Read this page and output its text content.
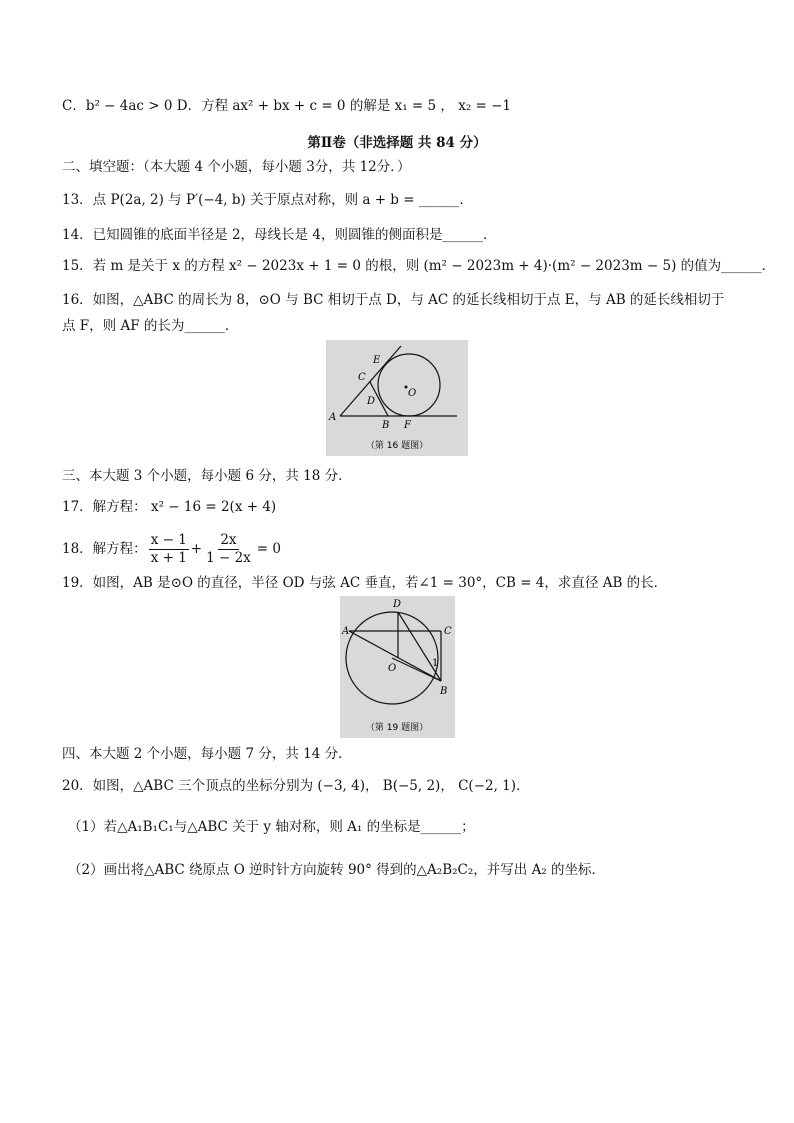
C．b² − 4ac > 0 D．方程 ax² + bx + c = 0 的解是 x₁ = 5 ， x₂ = −1
第Ⅱ卷（非选择题 共 84 分）
二、填空题：（本大题 4 个小题，每小题 3分，共 12分．）
13．点 P(2a, 2) 与 P′(−4, b) 关于原点对称，则 a + b = ______．
14．已知圆锥的底面半径是 2，母线长是 4，则圆锥的侧面积是______．
15．若 m 是关于 x 的方程 x² − 2023x + 1 = 0 的根，则 (m² − 2023m + 4)·(m² − 2023m − 5) 的值为______．
16．如图，△ABC 的周长为 8，⊙O 与 BC 相切于点 D，与 AC 的延长线相切于点 E，与 AB 的延长线相切于
点 F，则 AF 的长为______．
A
B
C
D
E
F
O
（第 16 题图）
三、本大题 3 个小题，每小题 6 分，共 18 分．
17．解方程： x² − 16 = 2(x + 4)
18．解方程： $\frac{x - 1}{x + 1} + \frac{2x}{1 - 2x} = 0$
19．如图，AB 是⊙O 的直径，半径 OD 与弦 AC 垂直，若∠1 = 30°，CB = 4，求直径 AB 的长．
A
B
C
D
O	1
（第 19 题图）
四、本大题 2 个小题，每小题 7 分，共 14 分．
20．如图，△ABC 三个顶点的坐标分别为 (−3, 4)， B(−5, 2)， C(−2, 1)．
（1）若△A₁B₁C₁与△ABC 关于 y 轴对称，则 A₁ 的坐标是______；
（2）画出将△ABC 绕原点 O 逆时针方向旋转 90° 得到的△A₂B₂C₂，并写出 A₂ 的坐标．
